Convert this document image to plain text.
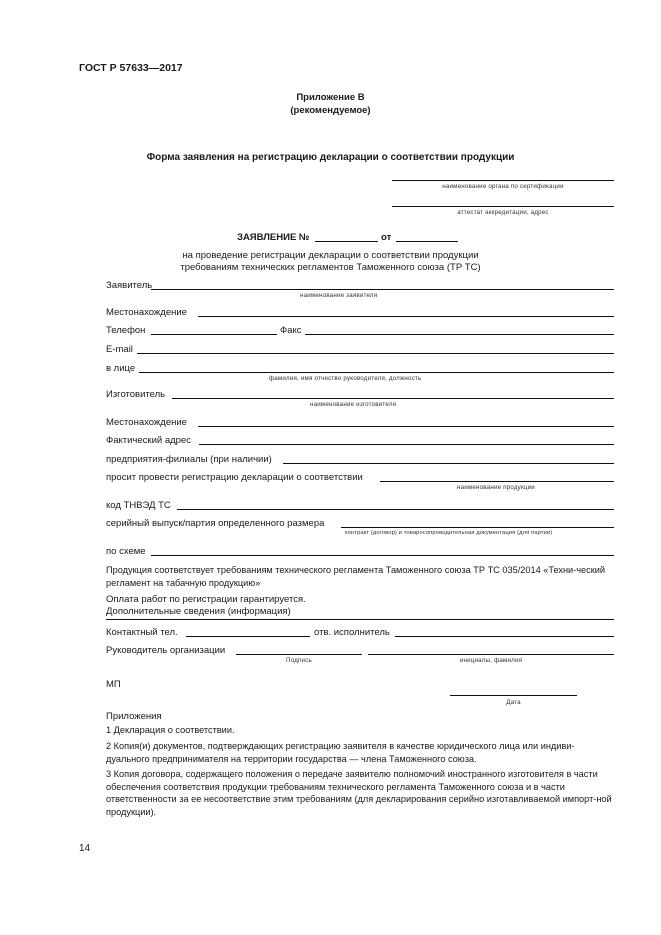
ГОСТ Р 57633—2017
Приложение В
(рекомендуемое)
Форма заявления на регистрацию декларации о соответствии продукции
наименование органа по сертификации
аттестат аккредитации, адрес
ЗАЯВЛЕНИЕ №	от
на проведение регистрации декларации о соответствии продукции
требованиям технических регламентов Таможенного союза (ТР ТС)
Заявитель
наименование заявителя
Местонахождение
Телефон	Факс
E-mail
в лице
фамилия, имя отчество руководителя, должность
Изготовитель
наименование изготовителя
Местонахождение
Фактический адрес
предприятия-филиалы (при наличии)
просит провести регистрацию декларации о соответствии
наименование продукции
код ТНВЭД ТС
серийный выпуск/партия определенного размера
контракт (договор) и товаросопроводительная документация (для партии)
по схеме
Продукция соответствует требованиям технического регламента Таможенного союза ТР ТС 035/2014 «Техни-ческий регламент на табачную продукцию»
Оплата работ по регистрации гарантируется.
Дополнительные сведения (информация)
Контактный тел.	отв. исполнитель
Руководитель организации
Подпись	инициалы, фамилия
МП
Дата
Приложения
1 Декларация о соответствии.
2 Копия(и) документов, подтверждающих регистрацию заявителя в качестве юридического лица или индиви-дуального предпринимателя на территории государства — члена Таможенного союза.
3 Копия договора, содержащего положения о передаче заявителю полномочий иностранного изготовителя в части обеспечения соответствия продукции требованиям технического регламента Таможенного союза и в части ответственности за ее несоответствие этим требованиям (для декларирования серийно изготавливаемой импорт-ной продукции).
14
